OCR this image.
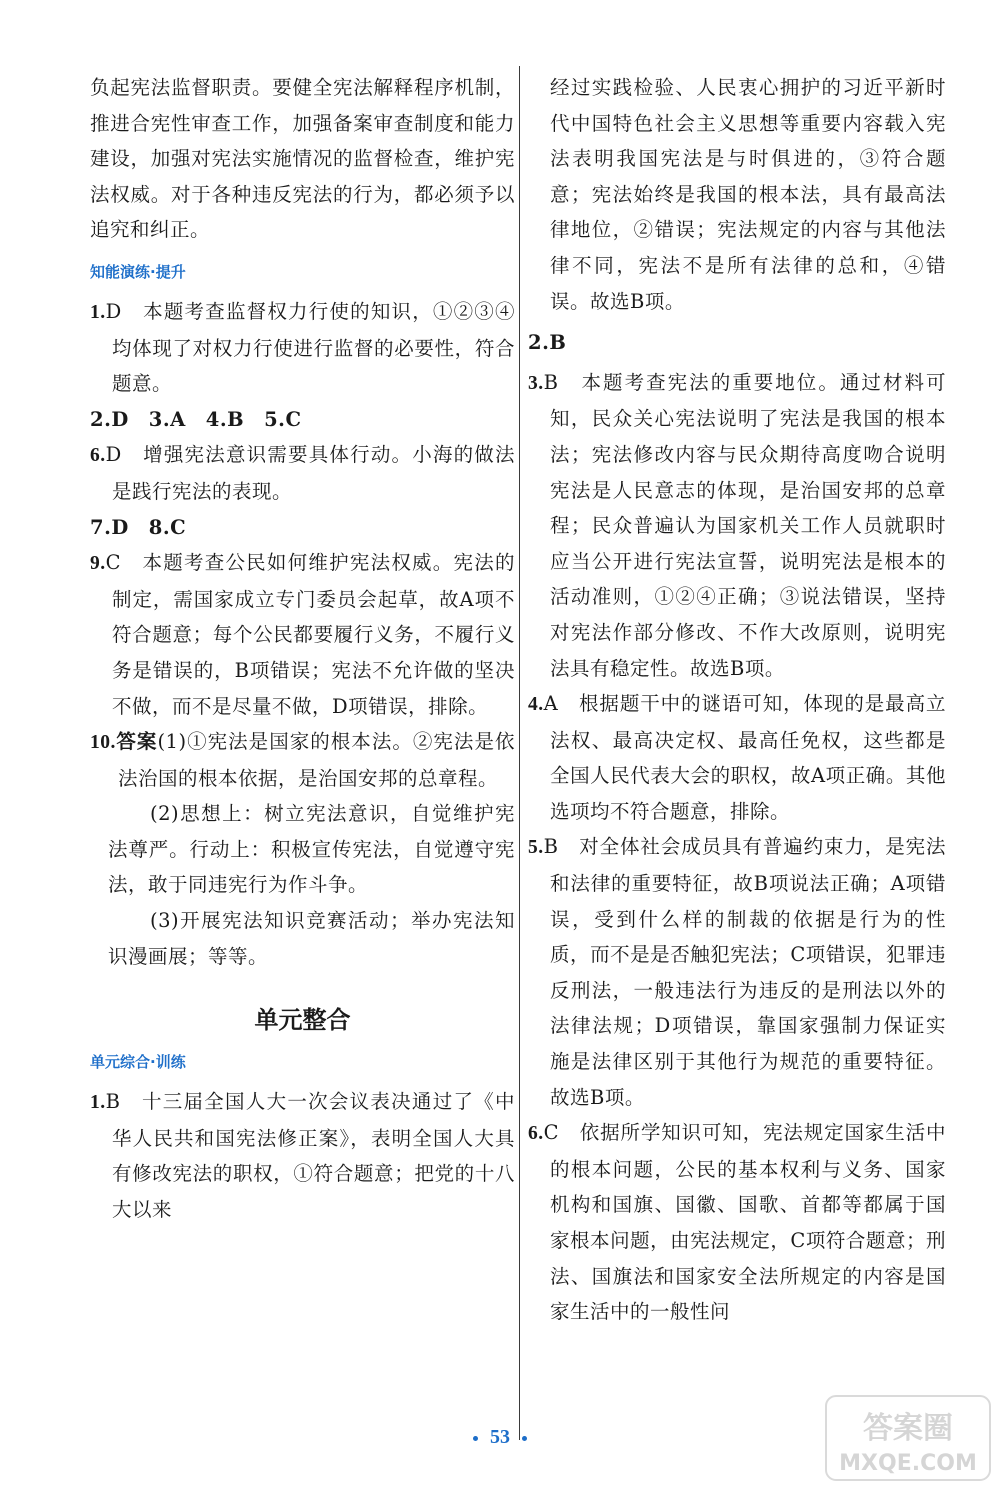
负起宪法监督职责。要健全宪法解释程序机制，推进合宪性审查工作，加强备案审查制度和能力建设，加强对宪法实施情况的监督检查，维护宪法权威。对于各种违反宪法的行为，都必须予以追究和纠正。

知能演练·提升

1.D　本题考查监督权力行使的知识，①②③④均体现了对权力行使进行监督的必要性，符合题意。

2.D　3.A　4.B　5.C

6.D　增强宪法意识需要具体行动。小海的做法是践行宪法的表现。

7.D　8.C

9.C　本题考查公民如何维护宪法权威。宪法的制定，需国家成立专门委员会起草，故A项不符合题意；每个公民都要履行义务，不履行义务是错误的，B项错误；宪法不允许做的坚决不做，而不是尽量不做，D项错误，排除。

10.答案(1)①宪法是国家的根本法。②宪法是依法治国的根本依据，是治国安邦的总章程。

(2)思想上：树立宪法意识，自觉维护宪法尊严。行动上：积极宣传宪法，自觉遵守宪法，敢于同违宪行为作斗争。

(3)开展宪法知识竞赛活动；举办宪法知识漫画展；等等。

单元整合
单元综合·训练

1.B　十三届全国人大一次会议表决通过了《中华人民共和国宪法修正案》，表明全国人大具有修改宪法的职权，①符合题意；把党的十八大以来

经过实践检验、人民衷心拥护的习近平新时代中国特色社会主义思想等重要内容载入宪法表明我国宪法是与时俱进的，③符合题意；宪法始终是我国的根本法，具有最高法律地位，②错误；宪法规定的内容与其他法律不同，宪法不是所有法律的总和，④错误。故选B项。

2.B

3.B　本题考查宪法的重要地位。通过材料可知，民众关心宪法说明了宪法是我国的根本法；宪法修改内容与民众期待高度吻合说明宪法是人民意志的体现，是治国安邦的总章程；民众普遍认为国家机关工作人员就职时应当公开进行宪法宣誓，说明宪法是根本的活动准则，①②④正确；③说法错误，坚持对宪法作部分修改、不作大改原则，说明宪法具有稳定性。故选B项。

4.A　根据题干中的谜语可知，体现的是最高立法权、最高决定权、最高任免权，这些都是全国人民代表大会的职权，故A项正确。其他选项均不符合题意，排除。

5.B　对全体社会成员具有普遍约束力，是宪法和法律的重要特征，故B项说法正确；A项错误，受到什么样的制裁的依据是行为的性质，而不是是否触犯宪法；C项错误，犯罪违反刑法，一般违法行为违反的是刑法以外的法律法规；D项错误，靠国家强制力保证实施是法律区别于其他行为规范的重要特征。故选B项。

6.C　依据所学知识可知，宪法规定国家生活中的根本问题，公民的基本权利与义务、国家机构和国旗、国徽、国歌、首都等都属于国家根本问题，由宪法规定，C项符合题意；刑法、国旗法和国家安全法所规定的内容是国家生活中的一般性问

53	答案圈
MXQE.COM
